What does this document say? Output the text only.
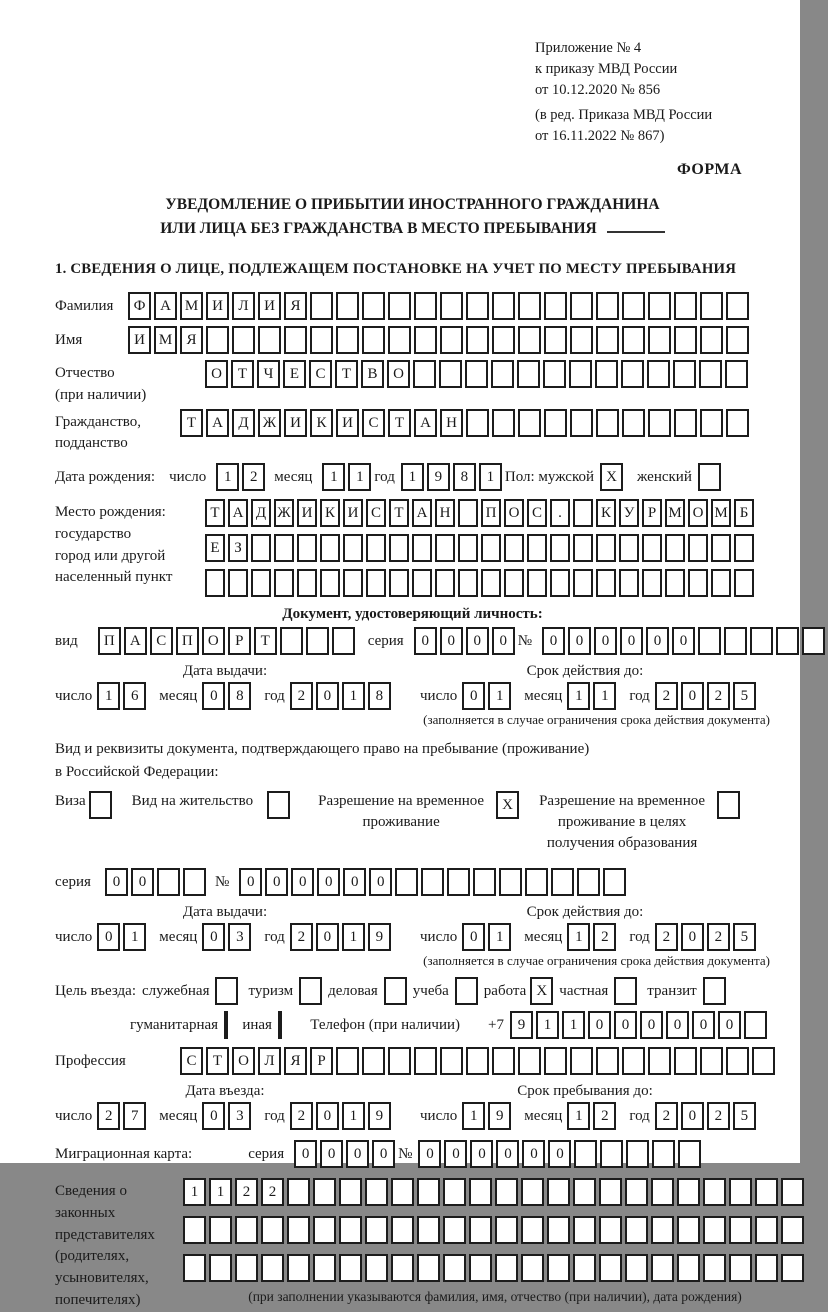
Приложение № 4
к приказу МВД России
от 10.12.2020 № 856
(в ред. Приказа МВД России
от 16.11.2022 № 867)
ФОРМА
УВЕДОМЛЕНИЕ О ПРИБЫТИИ ИНОСТРАННОГО ГРАЖДАНИНА
ИЛИ ЛИЦА БЕЗ ГРАЖДАНСТВА В МЕСТО ПРЕБЫВАНИЯ
1. СВЕДЕНИЯ О ЛИЦЕ, ПОДЛЕЖАЩЕМ ПОСТАНОВКЕ НА УЧЕТ ПО МЕСТУ ПРЕБЫВАНИЯ
Фамилия	Ф А М И Л И Я
Имя	И М Я
Отчество
(при наличии)
О Т Ч Е С Т В О
Гражданство,
подданство
Т А Д Ж И К И С Т А Н
Дата рождения: число	1 2	месяц	1 1 год 1 9 8 1 Пол: мужской X	женский
Место рождения:
государство
город или другой
населенный пункт
Т А Д Ж И К И С Т А Н П О С .	К У Р М О М Б
Е З
Документ, удостоверяющий личность:
вид	П А С П О Р Т	серия	0 0 0 0 №	0 0 0 0 0 0
Дата выдачи:	Срок действия до:
число 1 6	месяц 0 8	год 2 0 1 8	число 0 1	месяц 1 1	год 2 0 2 5
(заполняется в случае ограничения срока действия документа)
Вид и реквизиты документа, подтверждающего право на пребывание (проживание)
в Российской Федерации:
Виза	Вид на жительство	Разрешение на временное
проживание
X	Разрешение на временное
проживание в целях
получения образования
серия	0 0	№	0 0 0 0 0 0
Дата выдачи:	Срок действия до:
число 0 1	месяц 0 3	год 2 0 1 9	число 0 1	месяц 1 2	год 2 0 2 5
(заполняется в случае ограничения срока действия документа)
Цель въезда: служебная	туризм деловая учеба работа X частная	транзит
гуманитарная иная	Телефон (при наличии) +7 9 1 1 0 0 0 0 0 0
Профессия	С Т О Л Я Р
Дата въезда:	Срок пребывания до:
число 2 7	месяц 0 3	год 2 0 1 9	число 1 9	месяц 1 2	год 2 0 2 5
Миграционная карта:	серия	0 0 0 0 № 0 0 0 0 0 0
Сведения о
законных
представителях
(родителях,
усыновителях,
попечителях)
1 1 2 2
(при заполнении указываются фамилия, имя, отчество (при наличии), дата рождения)
